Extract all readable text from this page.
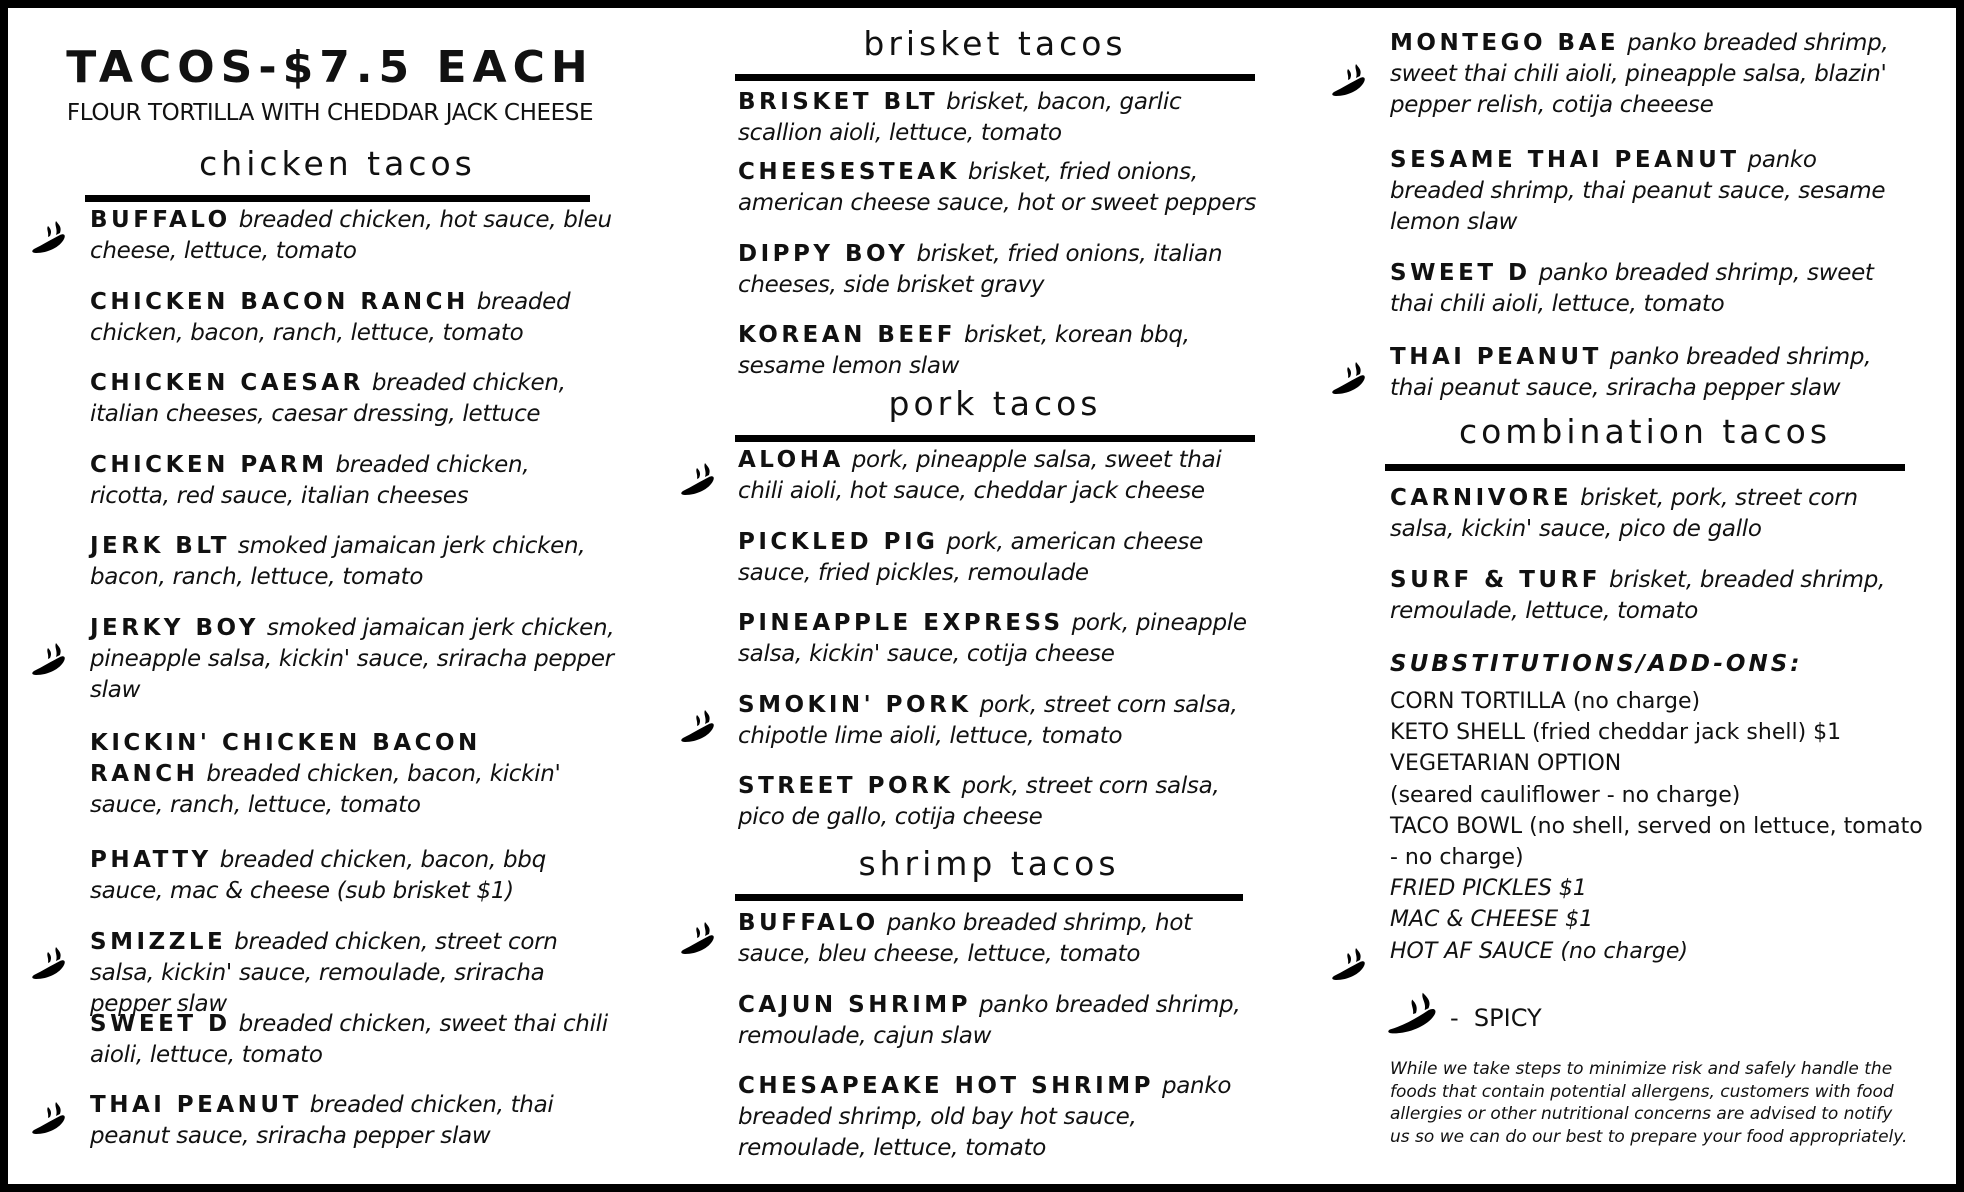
TACOS-$7.5 EACH
FLOUR TORTILLA WITH CHEDDAR JACK CHEESE
chicken tacos
BUFFALO breaded chicken, hot sauce, bleu cheese, lettuce, tomato
CHICKEN BACON RANCH breaded chicken, bacon, ranch, lettuce, tomato
CHICKEN CAESAR breaded chicken, italian cheeses, caesar dressing, lettuce
CHICKEN PARM breaded chicken, ricotta, red sauce, italian cheeses
JERK BLT smoked jamaican jerk chicken, bacon, ranch, lettuce, tomato
JERKY BOY smoked jamaican jerk chicken, pineapple salsa, kickin' sauce, sriracha pepper slaw
KICKIN' CHICKEN BACON RANCH breaded chicken, bacon, kickin' sauce, ranch, lettuce, tomato
PHATTY breaded chicken, bacon, bbq sauce, mac & cheese (sub brisket $1)
SMIZZLE breaded chicken, street corn salsa, kickin' sauce, remoulade, sriracha pepper slaw
SWEET D breaded chicken, sweet thai chili aioli, lettuce, tomato
THAI PEANUT breaded chicken, thai peanut sauce, sriracha pepper slaw
brisket tacos
BRISKET BLT brisket, bacon, garlic scallion aioli, lettuce, tomato
CHEESESTEAK brisket, fried onions, american cheese sauce, hot or sweet peppers
DIPPY BOY brisket, fried onions, italian cheeses, side brisket gravy
KOREAN BEEF brisket, korean bbq, sesame lemon slaw
pork tacos
ALOHA pork, pineapple salsa, sweet thai chili aioli, hot sauce, cheddar jack cheese
PICKLED PIG pork, american cheese sauce, fried pickles, remoulade
PINEAPPLE EXPRESS pork, pineapple salsa, kickin' sauce, cotija cheese
SMOKIN' PORK pork, street corn salsa, chipotle lime aioli, lettuce, tomato
STREET PORK pork, street corn salsa, pico de gallo, cotija cheese
shrimp tacos
BUFFALO panko breaded shrimp, hot sauce, bleu cheese, lettuce, tomato
CAJUN SHRIMP panko breaded shrimp, remoulade, cajun slaw
CHESAPEAKE HOT SHRIMP panko breaded shrimp, old bay hot sauce, remoulade, lettuce, tomato
MONTEGO BAE panko breaded shrimp, sweet thai chili aioli, pineapple salsa, blazin' pepper relish, cotija cheeese
SESAME THAI PEANUT panko breaded shrimp, thai peanut sauce, sesame lemon slaw
SWEET D panko breaded shrimp, sweet thai chili aioli, lettuce, tomato
THAI PEANUT panko breaded shrimp, thai peanut sauce, sriracha pepper slaw
combination tacos
CARNIVORE brisket, pork, street corn salsa, kickin' sauce, pico de gallo
SURF & TURF brisket, breaded shrimp, remoulade, lettuce, tomato
SUBSTITUTIONS/ADD-ONS:
CORN TORTILLA (no charge)
KETO SHELL (fried cheddar jack shell) $1
VEGETARIAN OPTION
(seared cauliflower - no charge)
TACO BOWL (no shell, served on lettuce, tomato
- no charge)
FRIED PICKLES $1
MAC & CHEESE $1
HOT AF SAUCE (no charge)
-  SPICY
While we take steps to minimize risk and safely handle the foods that contain potential allergens, customers with food allergies or other nutritional concerns are advised to notify us so we can do our best to prepare your food appropriately.
